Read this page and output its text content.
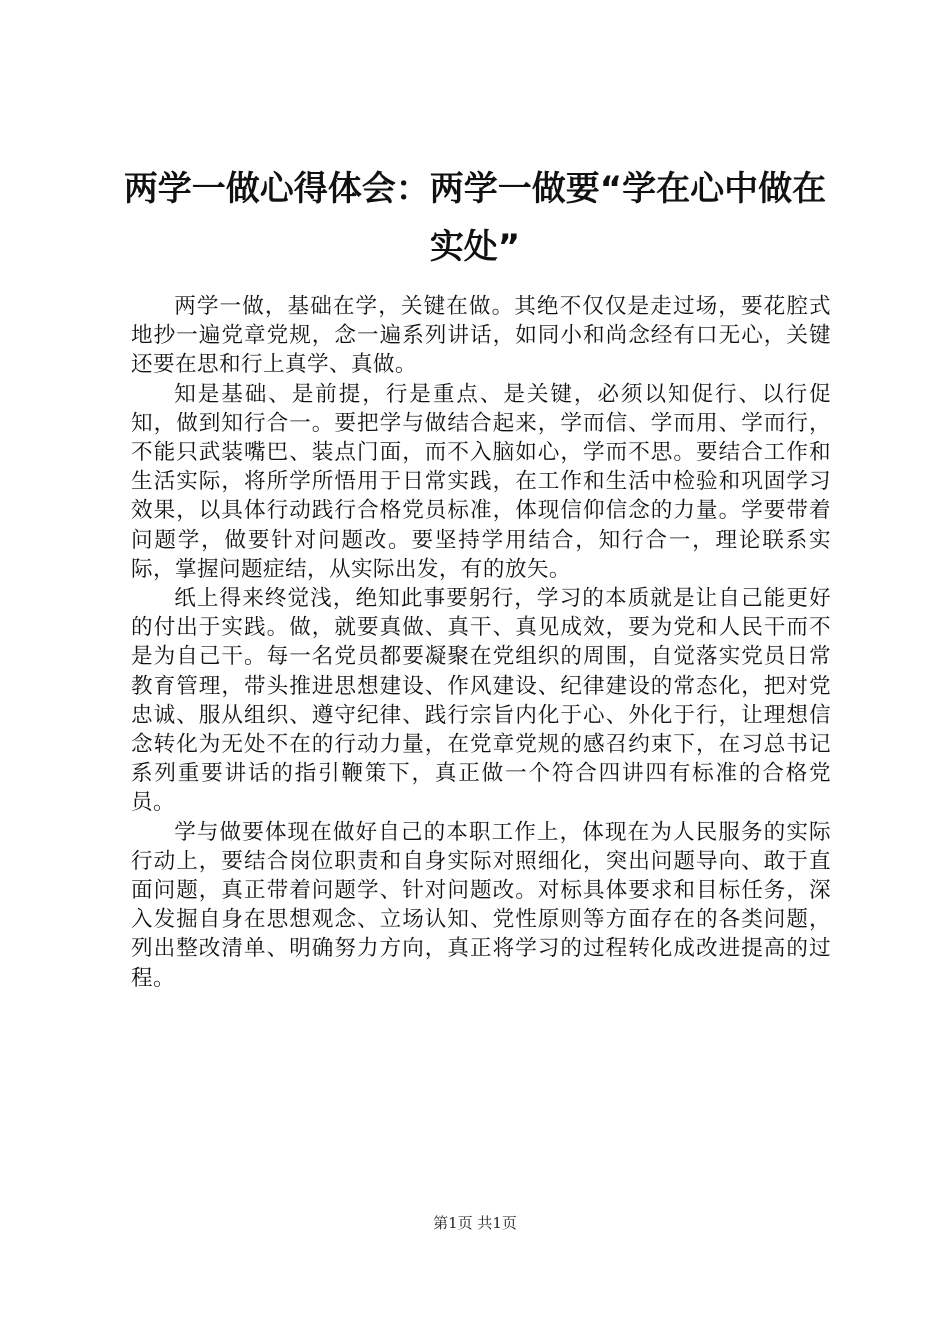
两学一做心得体会：两学一做要“学在心中做在实处”

两学一做，基础在学，关键在做。其绝不仅仅是走过场，要花腔式地抄一遍党章党规，念一遍系列讲话，如同小和尚念经有口无心，关键还要在思和行上真学、真做。

知是基础、是前提，行是重点、是关键，必须以知促行、以行促知，做到知行合一。要把学与做结合起来，学而信、学而用、学而行，不能只武装嘴巴、装点门面，而不入脑如心，学而不思。要结合工作和生活实际，将所学所悟用于日常实践，在工作和生活中检验和巩固学习效果，以具体行动践行合格党员标准，体现信仰信念的力量。学要带着问题学，做要针对问题改。要坚持学用结合，知行合一，理论联系实际，掌握问题症结，从实际出发，有的放矢。

纸上得来终觉浅，绝知此事要躬行，学习的本质就是让自己能更好的付出于实践。做，就要真做、真干、真见成效，要为党和人民干而不是为自己干。每一名党员都要凝聚在党组织的周围，自觉落实党员日常教育管理，带头推进思想建设、作风建设、纪律建设的常态化，把对党忠诚、服从组织、遵守纪律、践行宗旨内化于心、外化于行，让理想信念转化为无处不在的行动力量，在党章党规的感召约束下，在习总书记系列重要讲话的指引鞭策下，真正做一个符合四讲四有标准的合格党员。

学与做要体现在做好自己的本职工作上，体现在为人民服务的实际行动上，要结合岗位职责和自身实际对照细化，突出问题导向、敢于直面问题，真正带着问题学、针对问题改。对标具体要求和目标任务，深入发掘自身在思想观念、立场认知、党性原则等方面存在的各类问题，列出整改清单、明确努力方向，真正将学习的过程转化成改进提高的过程。

第1页 共1页
